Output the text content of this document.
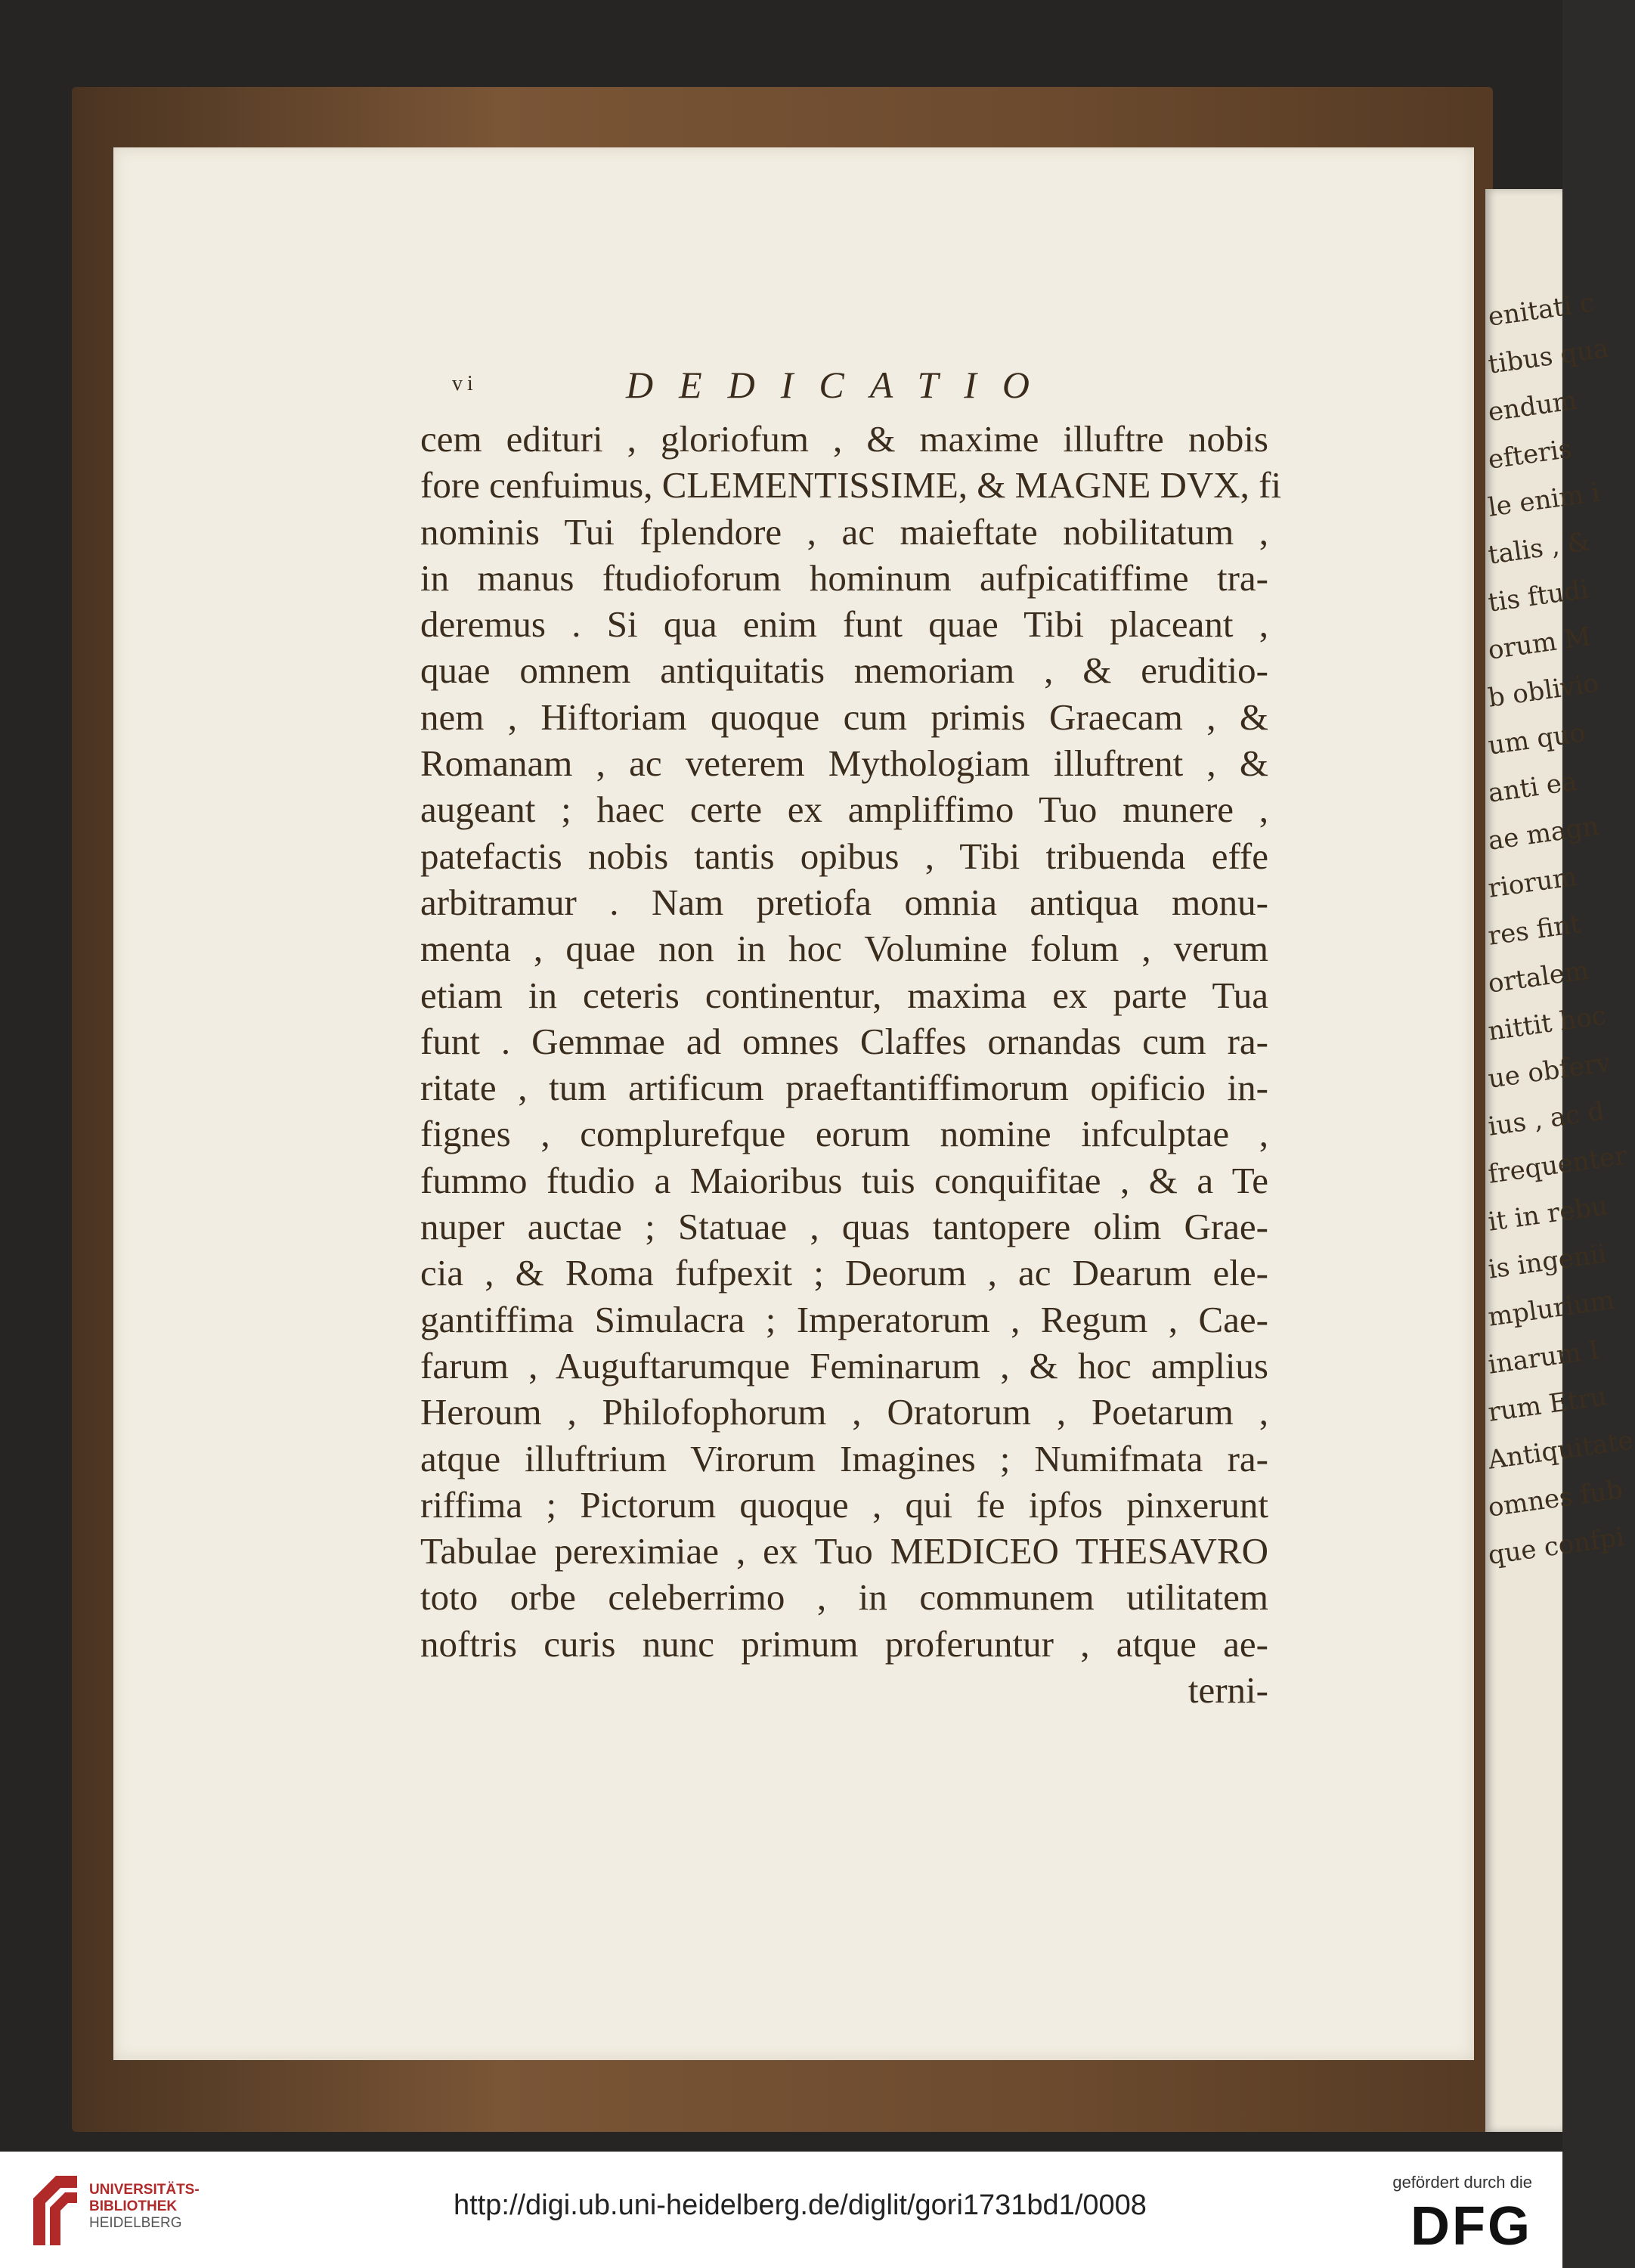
enitati c
tibus qua
endum
efteris
le enim i
talis , &
tis ftudi
orum M
b oblivio
um quo
anti ea
ae magn
riorum
res fint
ortalem
nittit hoc
ue obferv
ius , ac d
frequenter
it in rebu
is ingenii
mplurium
inarum I
rum Etru
Antiquitate
omnes fub
que confpi
vi	DEDICATIO
cem edituri , gloriofum , & maxime illuftre nobis
fore cenfuimus, CLEMENTISSIME, & MAGNE DVX, fi
nominis Tui fplendore , ac maieftate nobilitatum ,
in manus ftudioforum hominum aufpicatiffime tra-
deremus . Si qua enim funt quae Tibi placeant ,
quae omnem antiquitatis memoriam , & eruditio-
nem , Hiftoriam quoque cum primis Graecam , &
Romanam , ac veterem Mythologiam illuftrent , &
augeant ; haec certe ex ampliffimo Tuo munere ,
patefactis nobis tantis opibus , Tibi tribuenda effe
arbitramur . Nam pretiofa omnia antiqua monu-
menta , quae non in hoc Volumine folum , verum
etiam in ceteris continentur, maxima ex parte Tua
funt . Gemmae ad omnes Claffes ornandas cum ra-
ritate , tum artificum praeftantiffimorum opificio in-
fignes , complurefque eorum nomine infculptae ,
fummo ftudio a Maioribus tuis conquifitae , & a Te
nuper auctae ; Statuae , quas tantopere olim Grae-
cia , & Roma fufpexit ; Deorum , ac Dearum ele-
gantiffima Simulacra ; Imperatorum , Regum , Cae-
farum , Auguftarumque Feminarum , & hoc amplius
Heroum , Philofophorum , Oratorum , Poetarum ,
atque illuftrium Virorum Imagines ; Numifmata ra-
riffima ; Pictorum quoque , qui fe ipfos pinxerunt
Tabulae pereximiae , ex Tuo MEDICEO THESAVRO
toto orbe celeberrimo , in communem utilitatem
noftris curis nunc primum proferuntur , atque ae-
terni-
UNIVERSITÄTS-
BIBLIOTHEK
HEIDELBERG
http://digi.ub.uni-heidelberg.de/diglit/gori1731bd1/0008
gefördert durch die
DFG
